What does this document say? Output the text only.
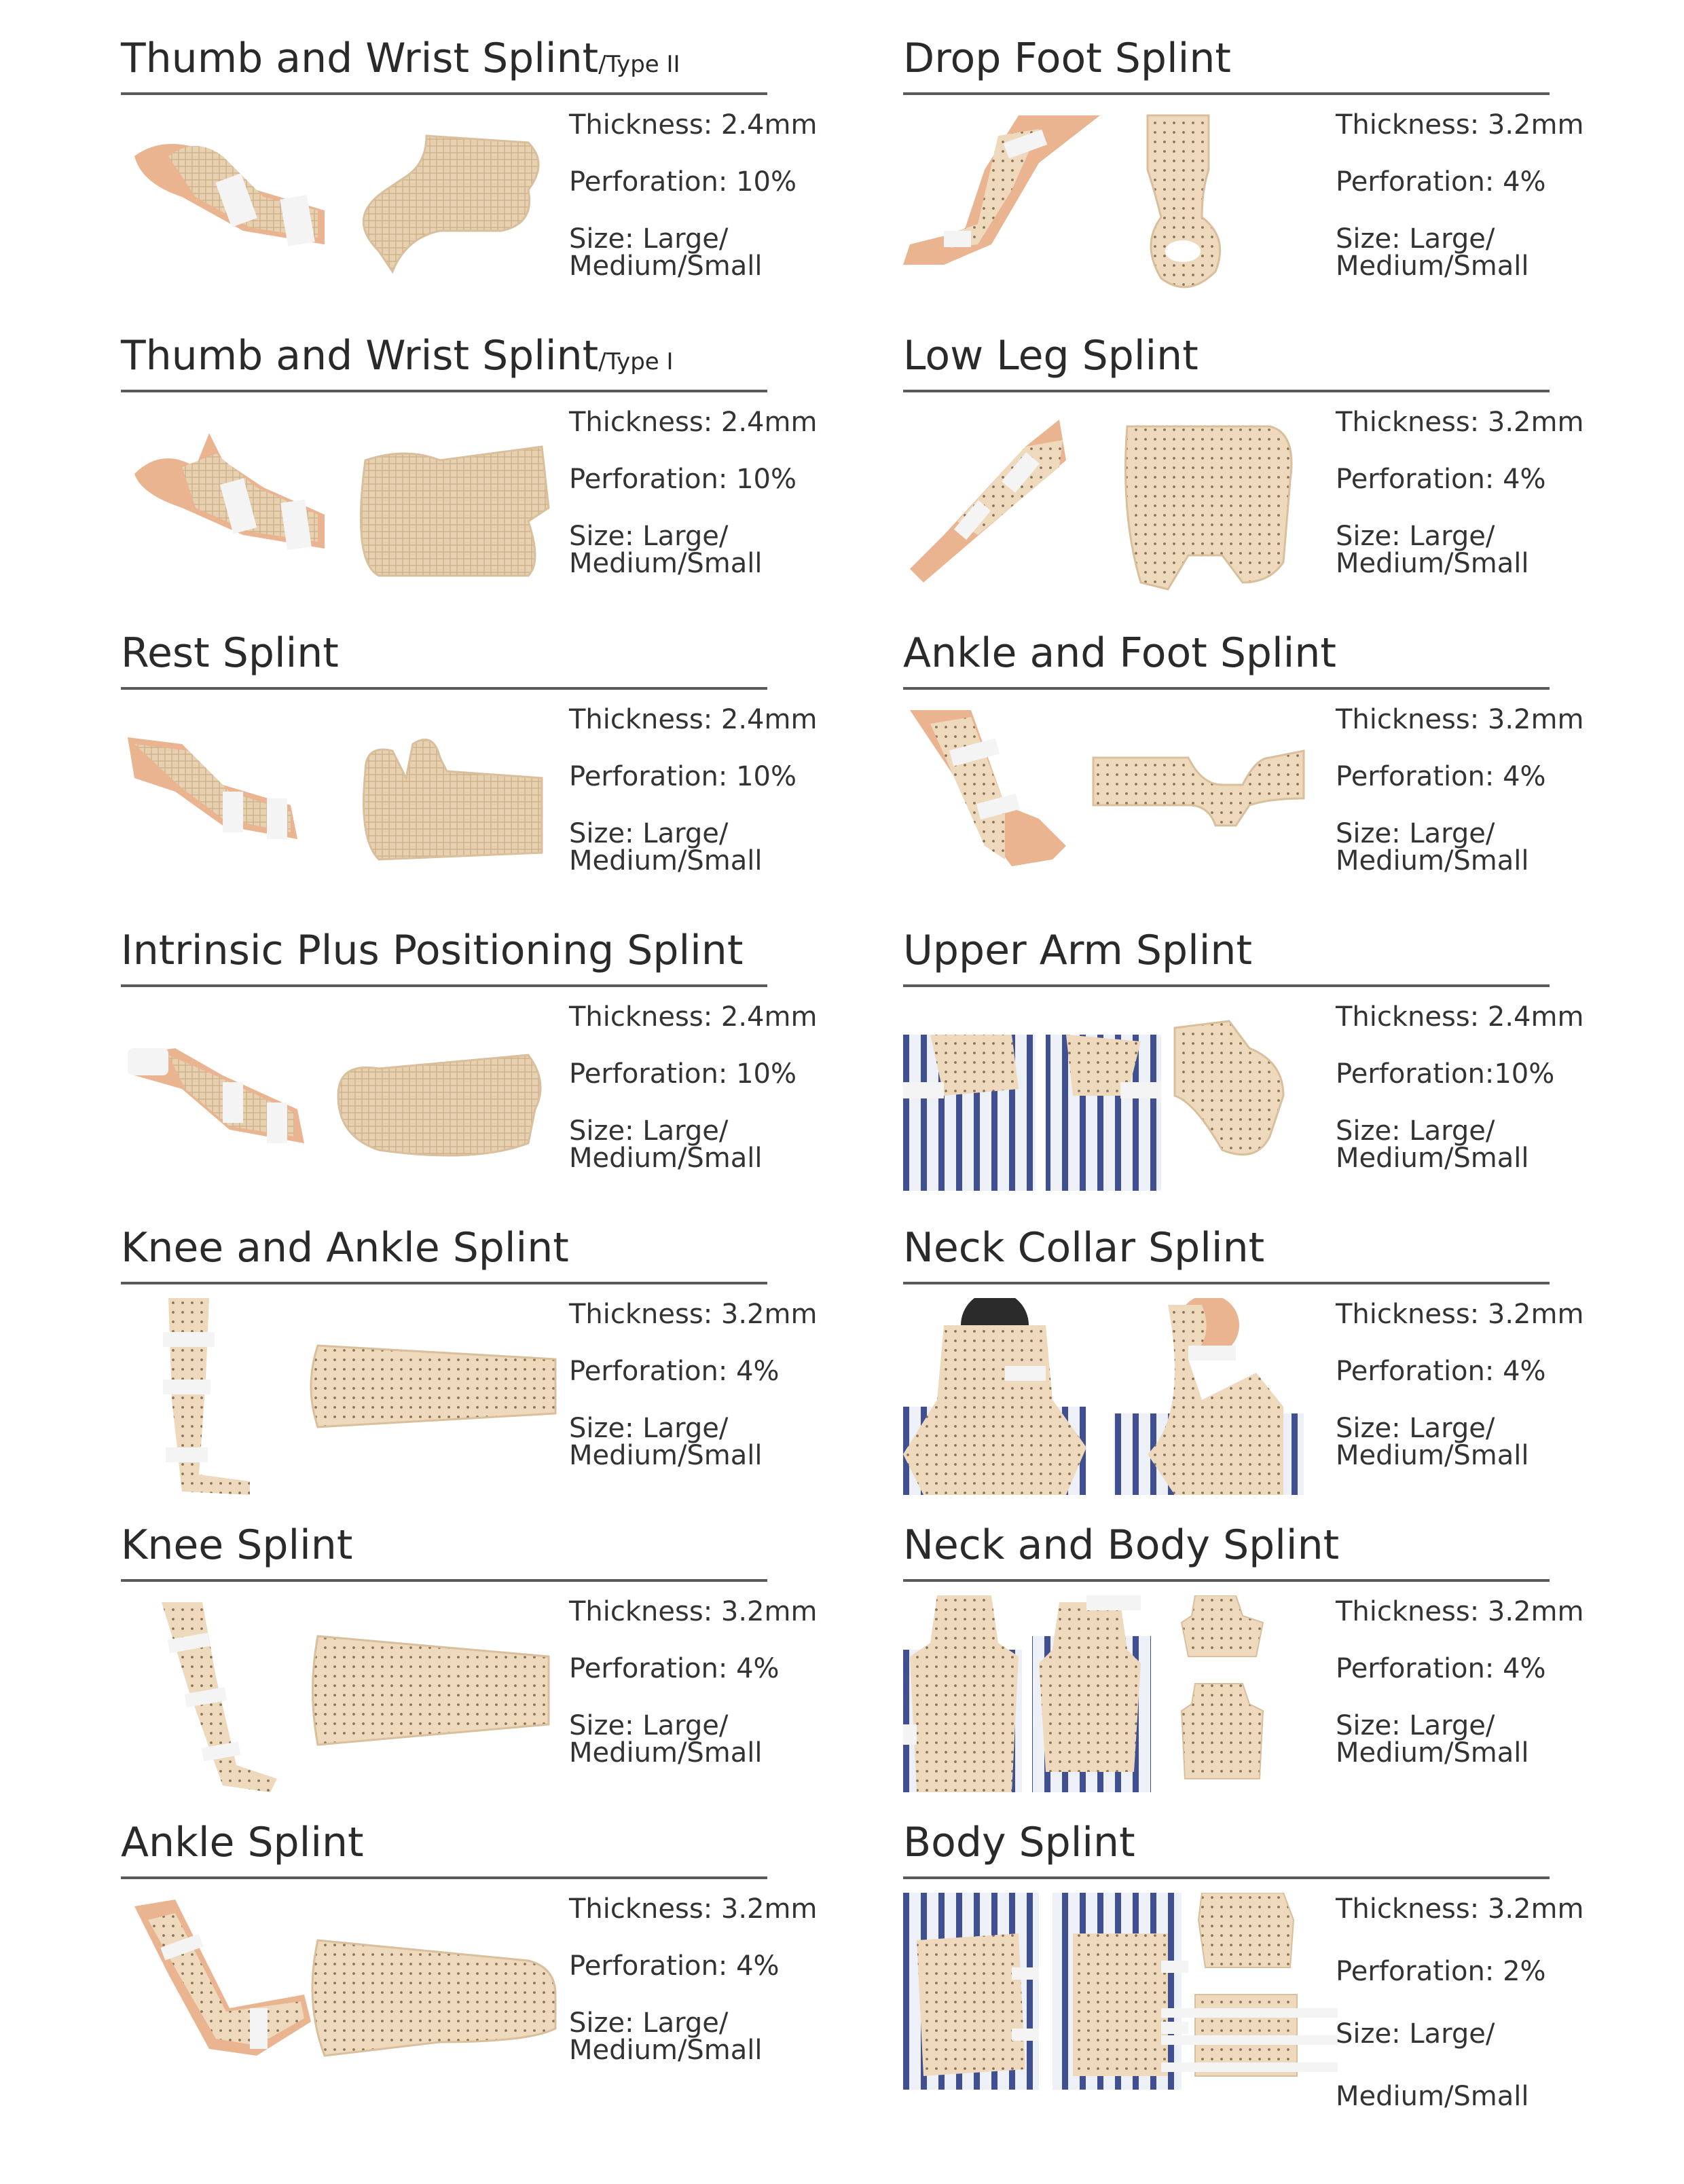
Thumb and Wrist Splint/Type II
Thickness: 2.4mm
Perforation: 10%
Size: Large/
Medium/Small
Thumb and Wrist Splint/Type I
Thickness: 2.4mm
Perforation: 10%
Size: Large/
Medium/Small
Rest Splint
Thickness: 2.4mm
Perforation: 10%
Size: Large/
Medium/Small
Intrinsic Plus Positioning Splint
Thickness: 2.4mm
Perforation: 10%
Size: Large/
Medium/Small
Knee and Ankle Splint
Thickness: 3.2mm
Perforation: 4%
Size: Large/
Medium/Small
Knee Splint
Thickness: 3.2mm
Perforation: 4%
Size: Large/
Medium/Small
Ankle Splint
Thickness: 3.2mm
Perforation: 4%
Size: Large/
Medium/Small
Drop Foot Splint
Thickness: 3.2mm
Perforation: 4%
Size: Large/
Medium/Small
Low Leg Splint
Thickness: 3.2mm
Perforation: 4%
Size: Large/
Medium/Small
Ankle and Foot Splint
Thickness: 3.2mm
Perforation: 4%
Size: Large/
Medium/Small
Upper Arm Splint
Thickness: 2.4mm
Perforation:10%
Size: Large/
Medium/Small
Neck Collar Splint
Thickness: 3.2mm
Perforation: 4%
Size: Large/
Medium/Small
Neck and Body Splint
Thickness: 3.2mm
Perforation: 4%
Size: Large/
Medium/Small
Body Splint
Thickness: 3.2mm
Perforation: 2%
Size: Large/
Medium/Small
